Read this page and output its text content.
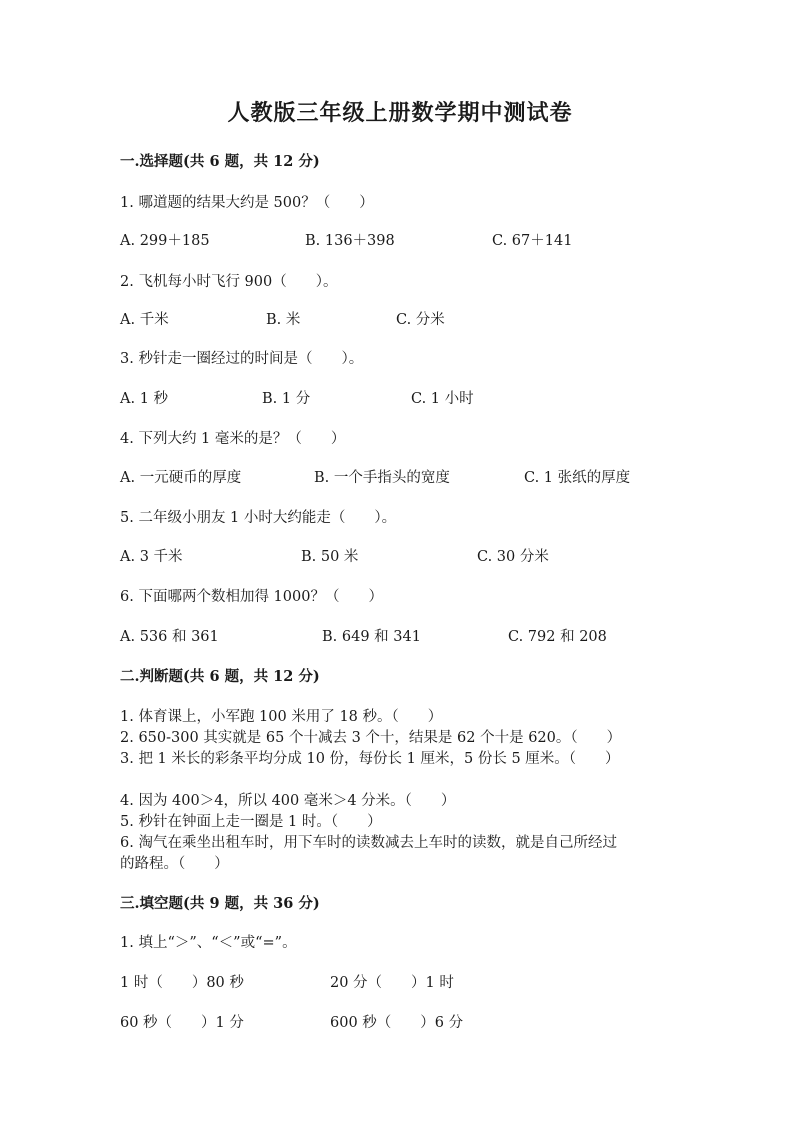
人教版三年级上册数学期中测试卷
一.选择题(共 6 题，共 12 分)
1. 哪道题的结果大约是 500？（　　）
A. 299＋185	B. 136＋398	C. 67＋141
2. 飞机每小时飞行 900（　　）。
A. 千米	B. 米	C. 分米
3. 秒针走一圈经过的时间是（　　）。
A. 1 秒	B. 1 分	C. 1 小时
4. 下列大约 1 毫米的是？（　　）
A. 一元硬币的厚度	B. 一个手指头的宽度	C. 1 张纸的厚度
5. 二年级小朋友 1 小时大约能走（　　）。
A. 3 千米	B. 50 米	C. 30 分米
6. 下面哪两个数相加得 1000？（　　）
A. 536 和 361	B. 649 和 341	C. 792 和 208
二.判断题(共 6 题，共 12 分)
1. 体育课上，小军跑 100 米用了 18 秒。（　　）
2. 650-300 其实就是 65 个十减去 3 个十，结果是 62 个十是 620。（　　）
3. 把 1 米长的彩条平均分成 10 份，每份长 1 厘米，5 份长 5 厘米。（　　）
4. 因为 400＞4，所以 400 毫米＞4 分米。（　　）
5. 秒针在钟面上走一圈是 1 时。（　　）
6. 淘气在乘坐出租车时，用下车时的读数减去上车时的读数，就是自己所经过
的路程。（　　）
三.填空题(共 9 题，共 36 分)
1. 填上“＞”、“＜”或“=”。
1 时（　　）80 秒	20 分（　　）1 时
60 秒（　　）1 分	600 秒（　　）6 分
